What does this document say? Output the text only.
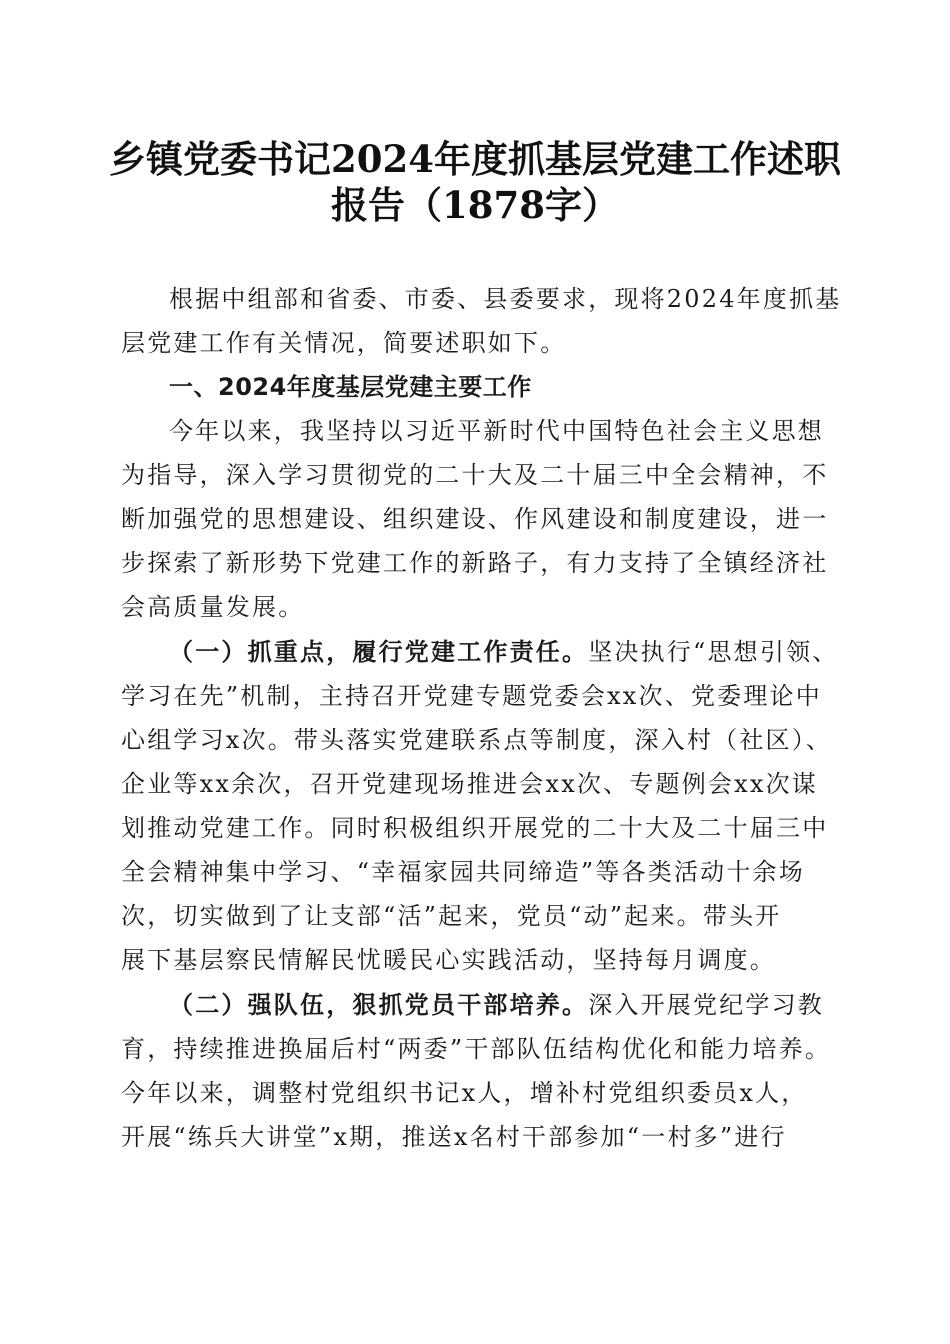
乡镇党委书记2024年度抓基层党建工作述职
报告（1878字）
根据中组部和省委、市委、县委要求，现将2024年度抓基
层党建工作有关情况，简要述职如下。
一、2024年度基层党建主要工作
今年以来，我坚持以习近平新时代中国特色社会主义思想
为指导，深入学习贯彻党的二十大及二十届三中全会精神，不
断加强党的思想建设、组织建设、作风建设和制度建设，进一
步探索了新形势下党建工作的新路子，有力支持了全镇经济社
会高质量发展。
（一）抓重点，履行党建工作责任。坚决执行“思想引领、
学习在先”机制，主持召开党建专题党委会xx次、党委理论中
心组学习x次。带头落实党建联系点等制度，深入村（社区）、
企业等xx余次，召开党建现场推进会xx次、专题例会xx次谋
划推动党建工作。同时积极组织开展党的二十大及二十届三中
全会精神集中学习、“幸福家园共同缔造”等各类活动十余场
次，切实做到了让支部“活”起来，党员“动”起来。带头开
展下基层察民情解民忧暖民心实践活动，坚持每月调度。
（二）强队伍，狠抓党员干部培养。深入开展党纪学习教
育，持续推进换届后村“两委”干部队伍结构优化和能力培养。
今年以来，调整村党组织书记x人，增补村党组织委员x人，
开展“练兵大讲堂”x期，推送x名村干部参加“一村多”进行
